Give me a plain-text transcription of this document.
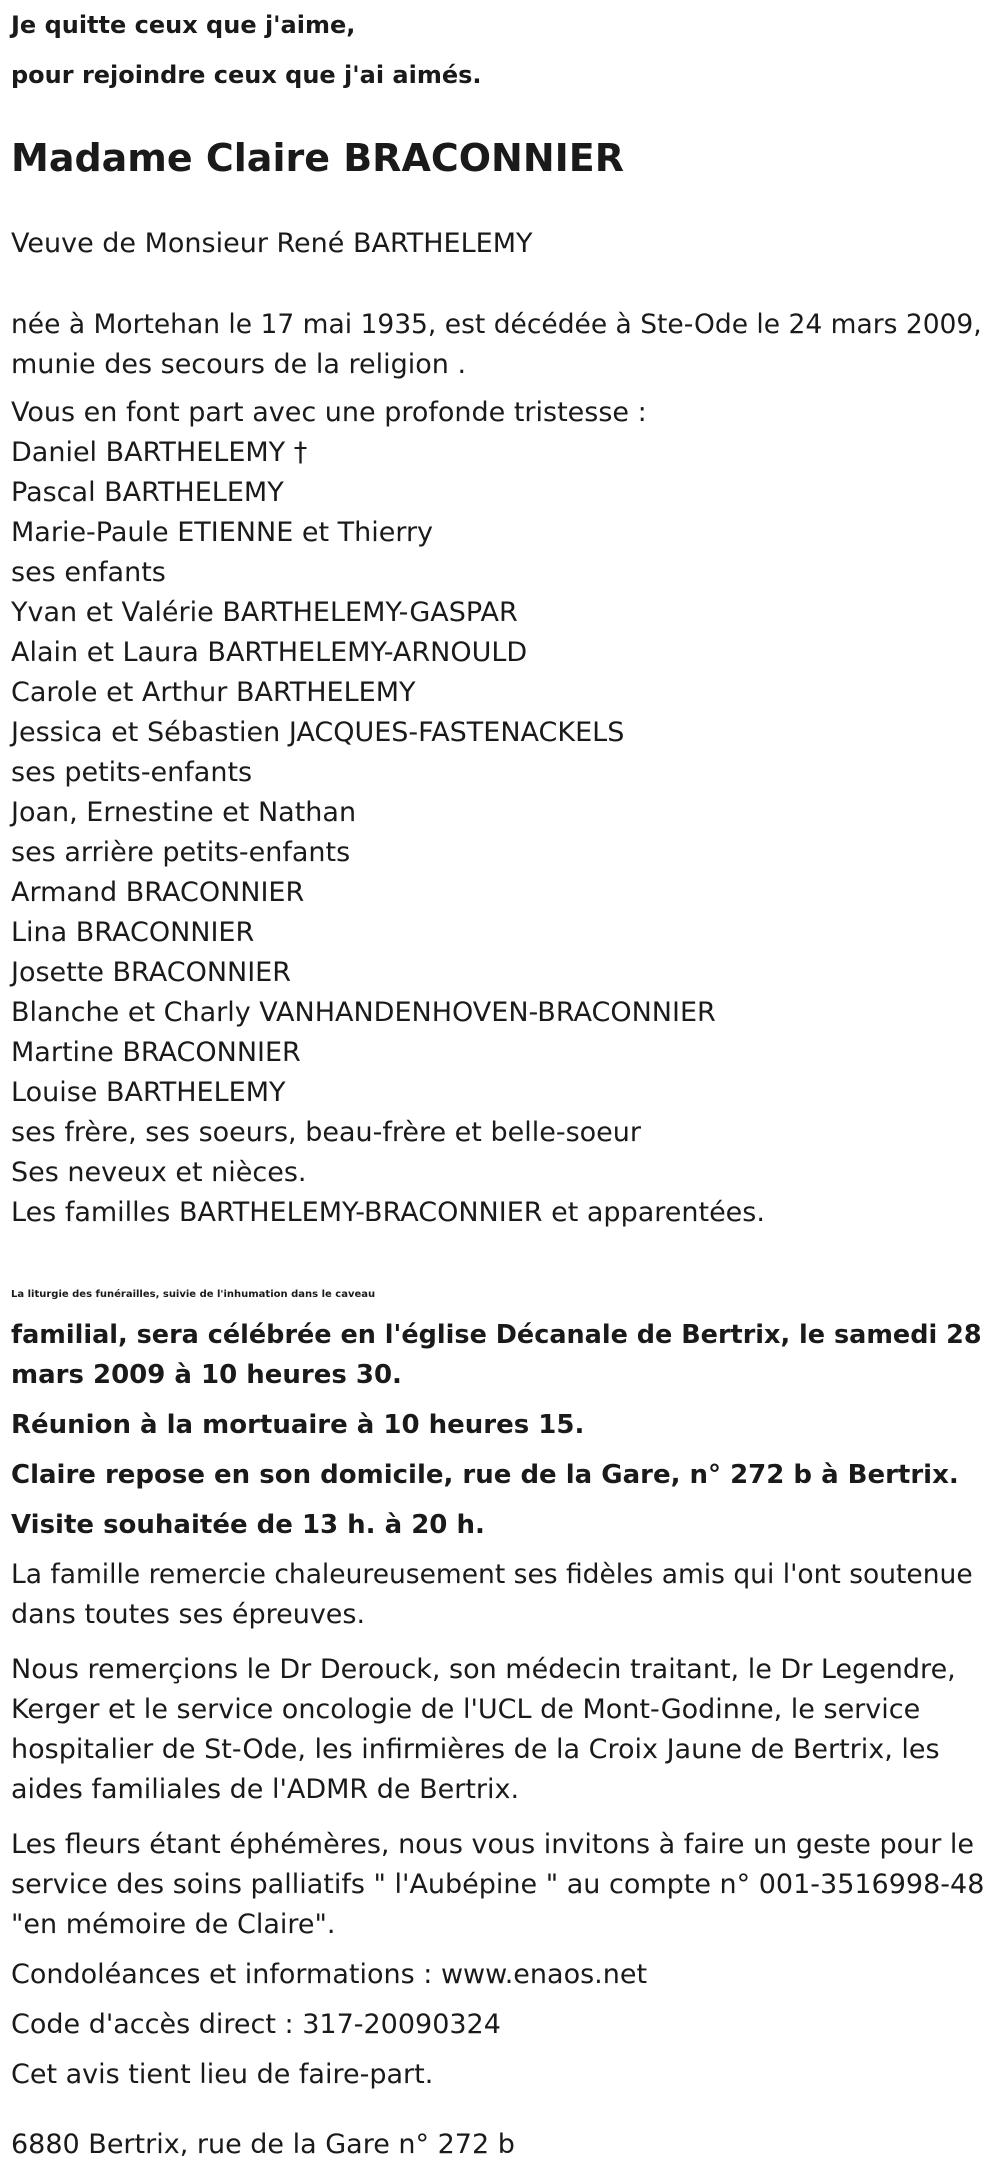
Je quitte ceux que j'aime,
pour rejoindre ceux que j'ai aimés.
Madame Claire BRACONNIER
Veuve de Monsieur René BARTHELEMY
née à Mortehan le 17 mai 1935, est décédée à Ste-Ode le 24 mars 2009,
munie des secours de la religion .
Vous en font part avec une profonde tristesse :
Daniel BARTHELEMY †
Pascal BARTHELEMY
Marie-Paule ETIENNE et Thierry
ses enfants
Yvan et Valérie BARTHELEMY-GASPAR
Alain et Laura BARTHELEMY-ARNOULD
Carole et Arthur BARTHELEMY
Jessica et Sébastien JACQUES-FASTENACKELS
ses petits-enfants
Joan, Ernestine et Nathan
ses arrière petits-enfants
Armand BRACONNIER
Lina BRACONNIER
Josette BRACONNIER
Blanche et Charly VANHANDENHOVEN-BRACONNIER
Martine BRACONNIER
Louise BARTHELEMY
ses frère, ses soeurs, beau-frère et belle-soeur
Ses neveux et nièces.
Les familles BARTHELEMY-BRACONNIER et apparentées.
La liturgie des funérailles, suivie de l'inhumation dans le caveau
familial, sera célébrée en l'église Décanale de Bertrix, le samedi 28
mars 2009 à 10 heures 30.
Réunion à la mortuaire à 10 heures 15.
Claire repose en son domicile, rue de la Gare, n° 272 b à Bertrix.
Visite souhaitée de 13 h. à 20 h.
La famille remercie chaleureusement ses fidèles amis qui l'ont soutenue
dans toutes ses épreuves.
Nous remerçions le Dr Derouck, son médecin traitant, le Dr Legendre,
Kerger et le service oncologie de l'UCL de Mont-Godinne, le service
hospitalier de St-Ode, les infirmières de la Croix Jaune de Bertrix, les
aides familiales de l'ADMR de Bertrix.
Les fleurs étant éphémères, nous vous invitons à faire un geste pour le
service des soins palliatifs " l'Aubépine " au compte n° 001-3516998-48
"en mémoire de Claire".
Condoléances et informations : www.enaos.net
Code d'accès direct : 317-20090324
Cet avis tient lieu de faire-part.
6880 Bertrix, rue de la Gare n° 272 b
